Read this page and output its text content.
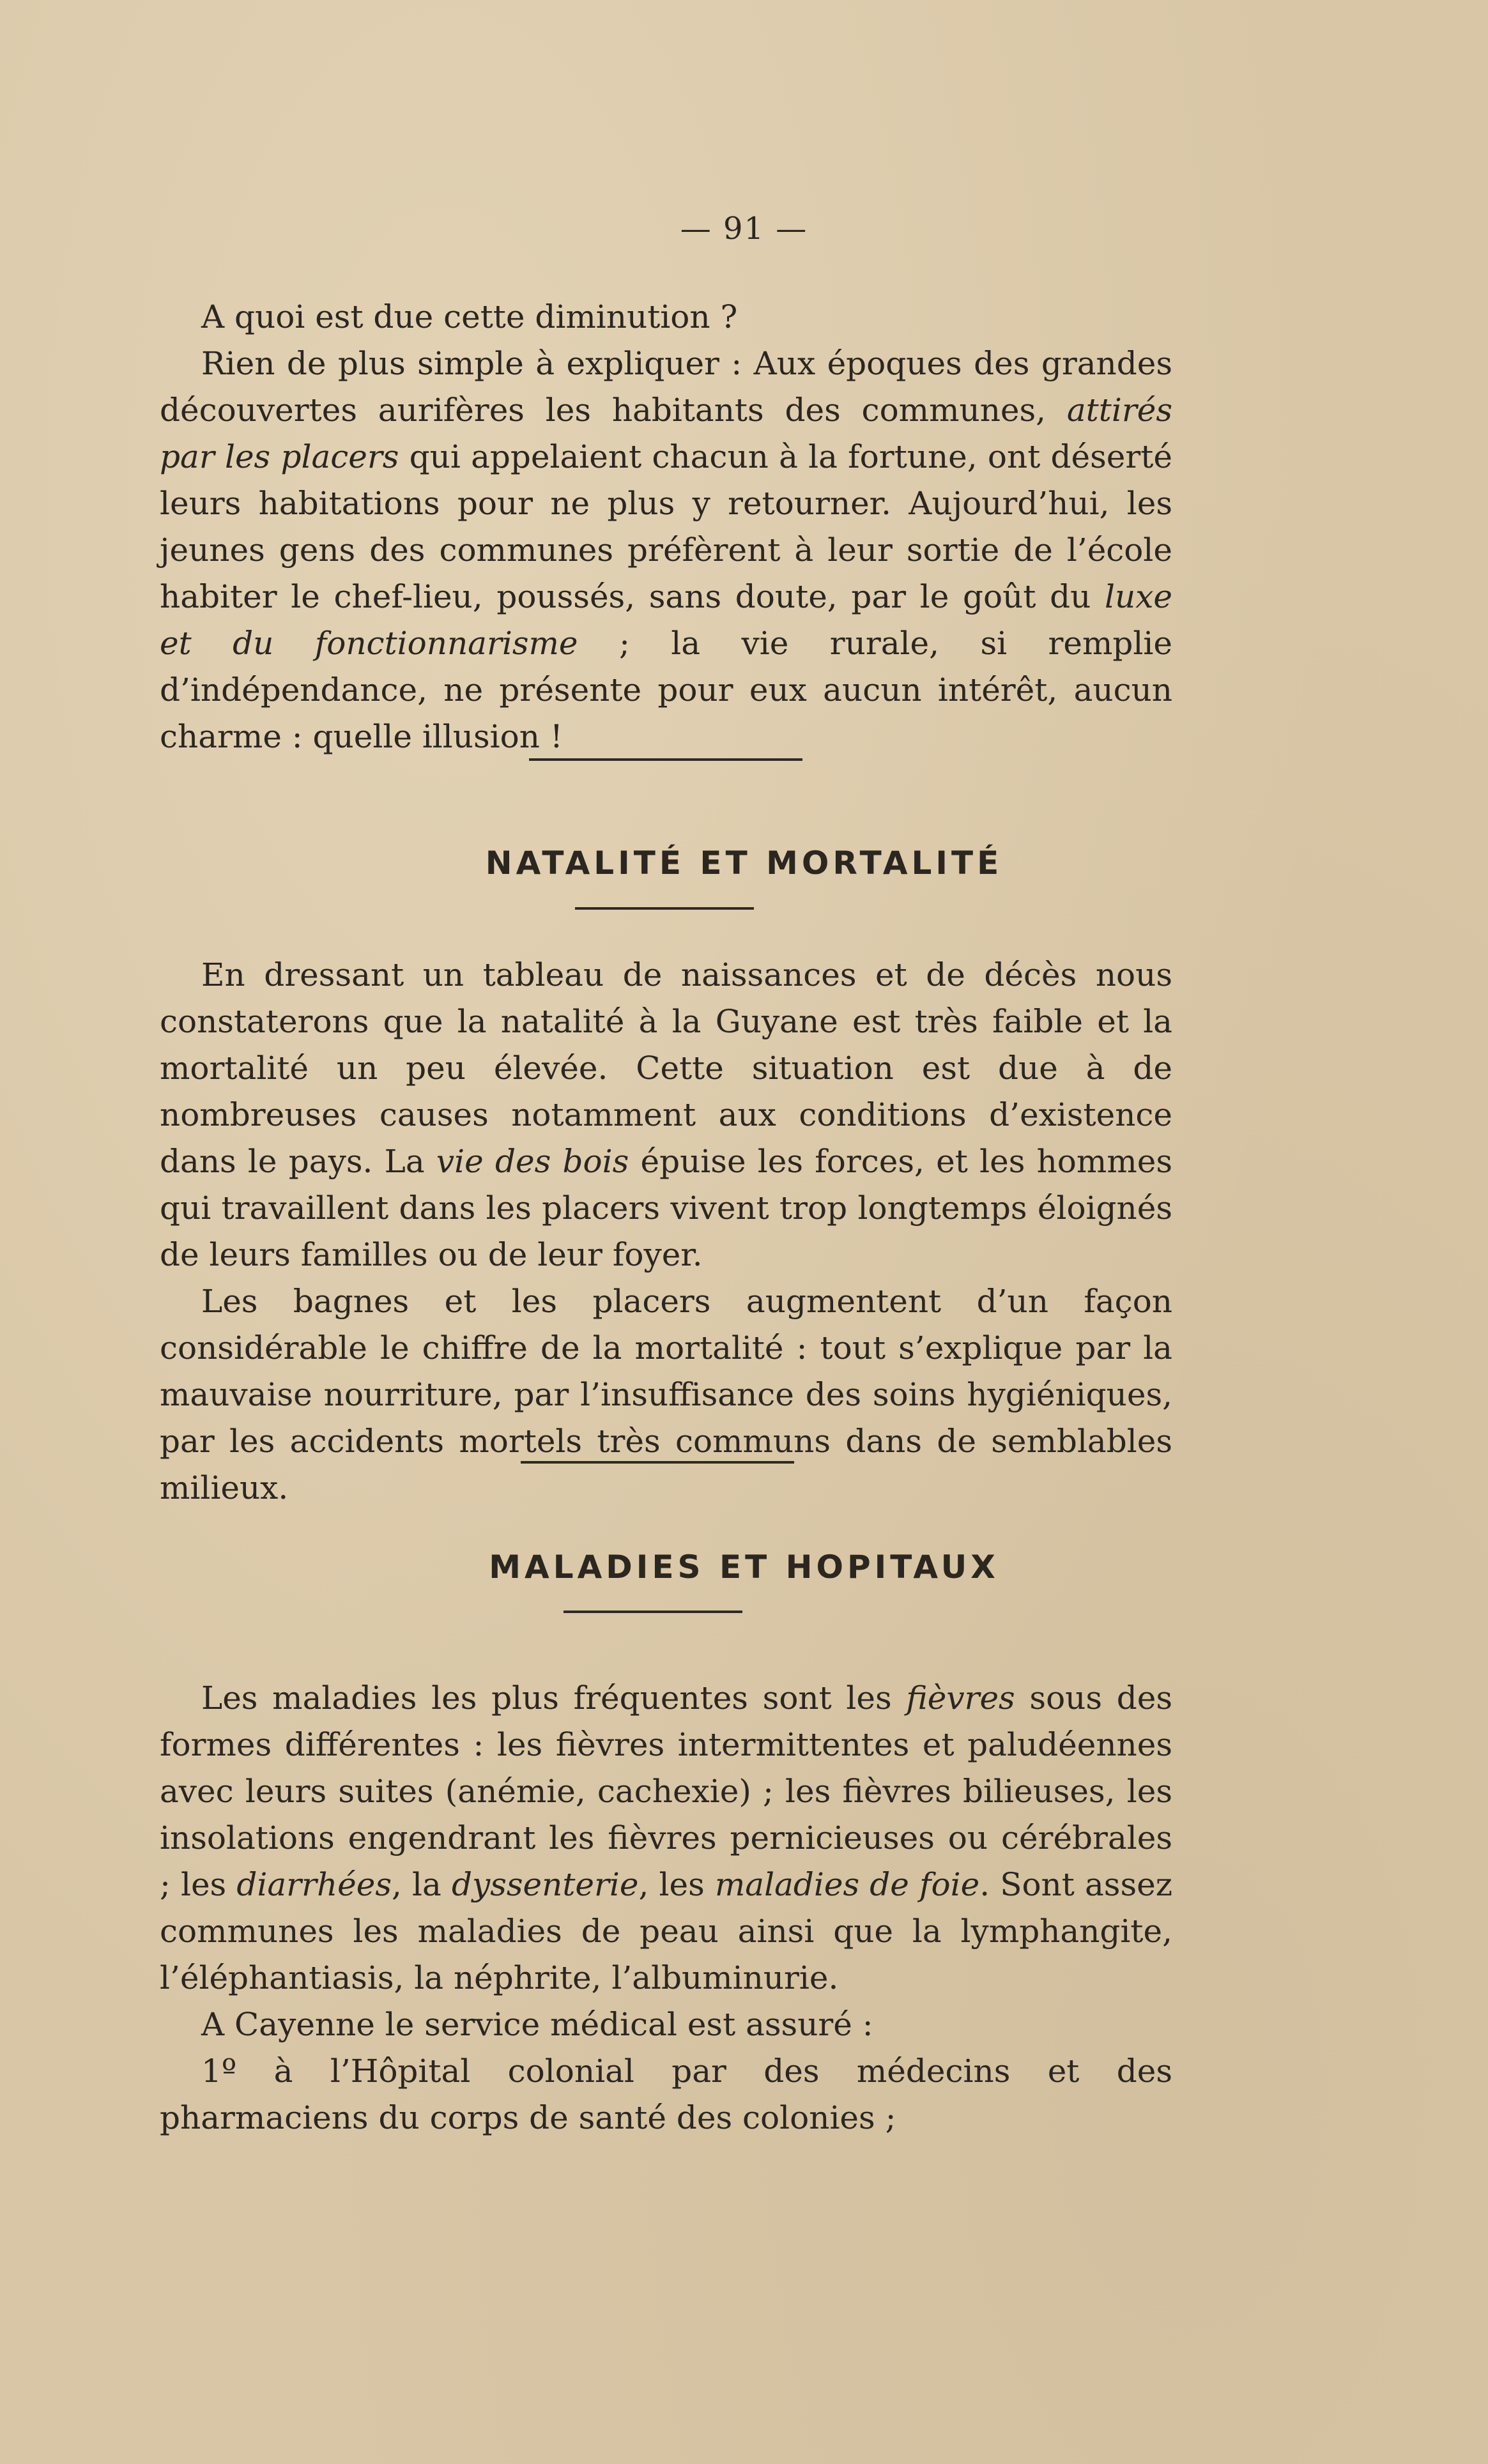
— 91 —

A quoi est due cette diminution ?

Rien de plus simple à expliquer : Aux époques des grandes découvertes aurifères les habitants des communes, attirés par les placers qui appelaient chacun à la fortune, ont déserté leurs habitations pour ne plus y retourner. Aujourd’hui, les jeunes gens des communes préfèrent à leur sortie de l’école habiter le chef-lieu, poussés, sans doute, par le goût du luxe et du fonctionnarisme ; la vie rurale, si remplie d’indépendance, ne présente pour eux aucun intérêt, aucun charme : quelle illusion !

NATALITÉ ET MORTALITÉ

En dressant un tableau de naissances et de décès nous constaterons que la natalité à la Guyane est très faible et la mortalité un peu élevée. Cette situation est due à de nombreuses causes notamment aux conditions d’existence dans le pays. La vie des bois épuise les forces, et les hommes qui travaillent dans les placers vivent trop longtemps éloignés de leurs familles ou de leur foyer.

Les bagnes et les placers augmentent d’un façon considérable le chiffre de la mortalité : tout s’explique par la mauvaise nourriture, par l’insuffisance des soins hygiéniques, par les accidents mortels très communs dans de semblables milieux.

MALADIES ET HOPITAUX

Les maladies les plus fréquentes sont les fièvres sous des formes différentes : les fièvres intermittentes et paludéennes avec leurs suites (anémie, cachexie) ; les fièvres bilieuses, les insolations engendrant les fièvres pernicieuses ou cérébrales ; les diarrhées, la dyssenterie, les maladies de foie. Sont assez communes les maladies de peau ainsi que la lymphangite, l’éléphantiasis, la néphrite, l’albuminurie.

A Cayenne le service médical est assuré :

1º à l’Hôpital colonial par des médecins et des pharmaciens du corps de santé des colonies ;
